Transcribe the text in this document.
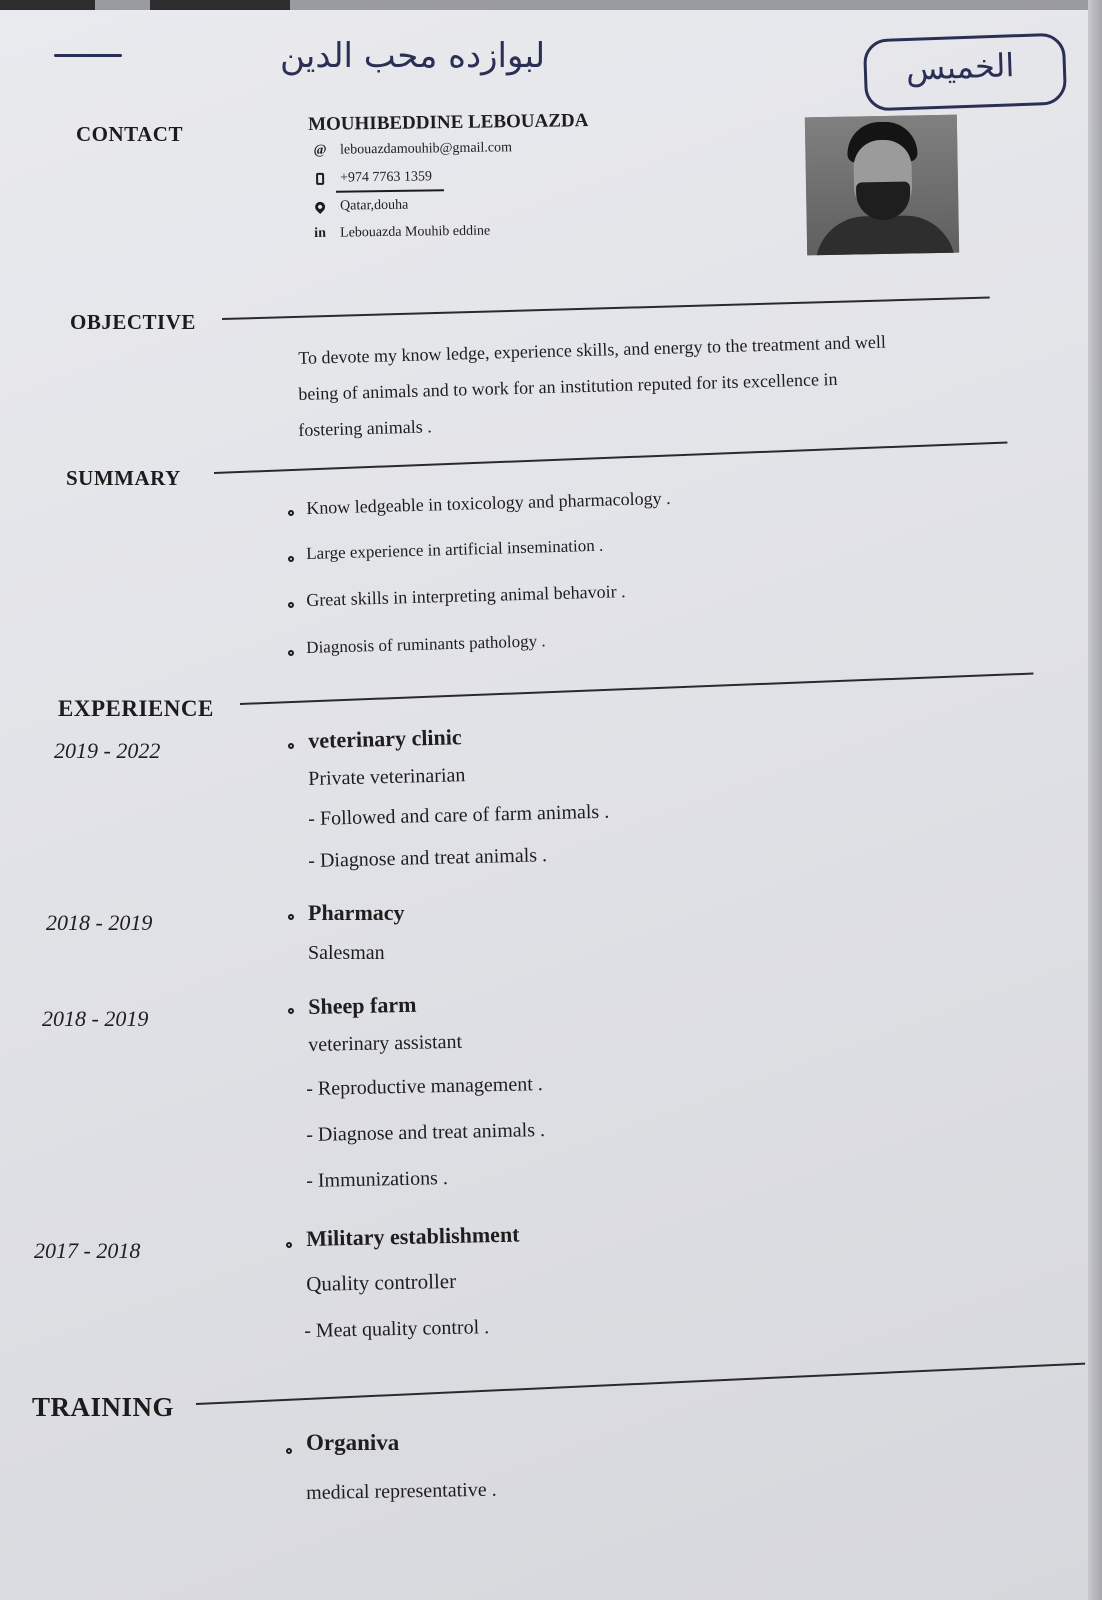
لبوازده محب الدين	الخميس
CONTACT	MOUHIBEDDINE LEBOUAZDA
@ lebouazdamouhib@gmail.com
+974 7763 1359
Qatar,douha
in Lebouazda Mouhib eddine
OBJECTIVE
To devote my know ledge, experience skills, and energy to the treatment and well
being of animals and to work for an institution reputed for its excellence in
fostering animals .
SUMMARY
Know ledgeable in toxicology and pharmacology .
Large experience in artificial insemination .
Great skills in interpreting animal behavoir .
Diagnosis of ruminants pathology .
EXPERIENCE
2019 - 2022	veterinary clinic
Private veterinarian
- Followed and care of farm animals .
- Diagnose and treat animals .
2018 - 2019	Pharmacy
Salesman
2018 - 2019	Sheep farm
veterinary assistant
- Reproductive management .
- Diagnose and treat animals .
- Immunizations .
2017 - 2018	Military establishment
Quality controller
- Meat quality control .
TRAINING
Organiva
medical representative .
